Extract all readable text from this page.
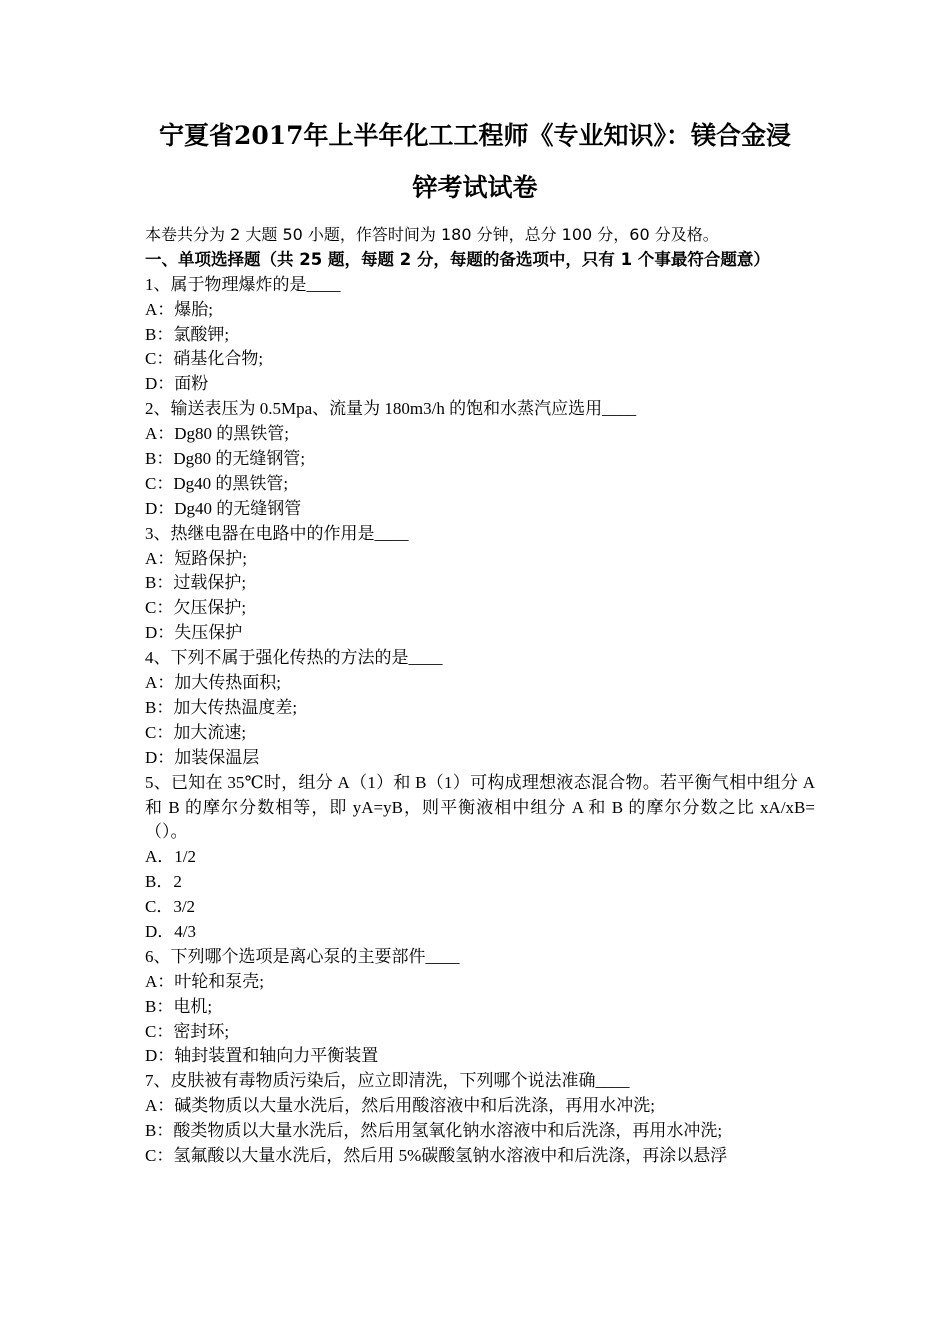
宁夏省2017年上半年化工工程师《专业知识》：镁合金浸
锌考试试卷
本卷共分为 2 大题 50 小题，作答时间为 180 分钟，总分 100 分，60 分及格。
一、单项选择题（共 25 题，每题 2 分，每题的备选项中，只有 1 个事最符合题意）
1、属于物理爆炸的是____
A：爆胎;
B：氯酸钾;
C：硝基化合物;
D：面粉
2、输送表压为 0.5Mpa、流量为 180m3/h 的饱和水蒸汽应选用____
A：Dg80 的黑铁管;
B：Dg80 的无缝钢管;
C：Dg40 的黑铁管;
D：Dg40 的无缝钢管
3、热继电器在电路中的作用是____
A：短路保护;
B：过载保护;
C：欠压保护;
D：失压保护
4、下列不属于强化传热的方法的是____
A：加大传热面积;
B：加大传热温度差;
C：加大流速;
D：加装保温层
5、已知在 35℃时，组分 A（1）和 B（1）可构成理想液态混合物。若平衡气相中组分 A 和 B 的摩尔分数相等，即 yA=yB，则平衡液相中组分 A 和 B 的摩尔分数之比 xA/xB=（）。
A．1/2
B．2
C．3/2
D．4/3
6、下列哪个选项是离心泵的主要部件____
A：叶轮和泵壳;
B：电机;
C：密封环;
D：轴封装置和轴向力平衡装置
7、皮肤被有毒物质污染后，应立即清洗，下列哪个说法准确____
A：碱类物质以大量水洗后，然后用酸溶液中和后洗涤，再用水冲洗;
B：酸类物质以大量水洗后，然后用氢氧化钠水溶液中和后洗涤，再用水冲洗;
C：氢氟酸以大量水洗后，然后用 5%碳酸氢钠水溶液中和后洗涤，再涂以悬浮
